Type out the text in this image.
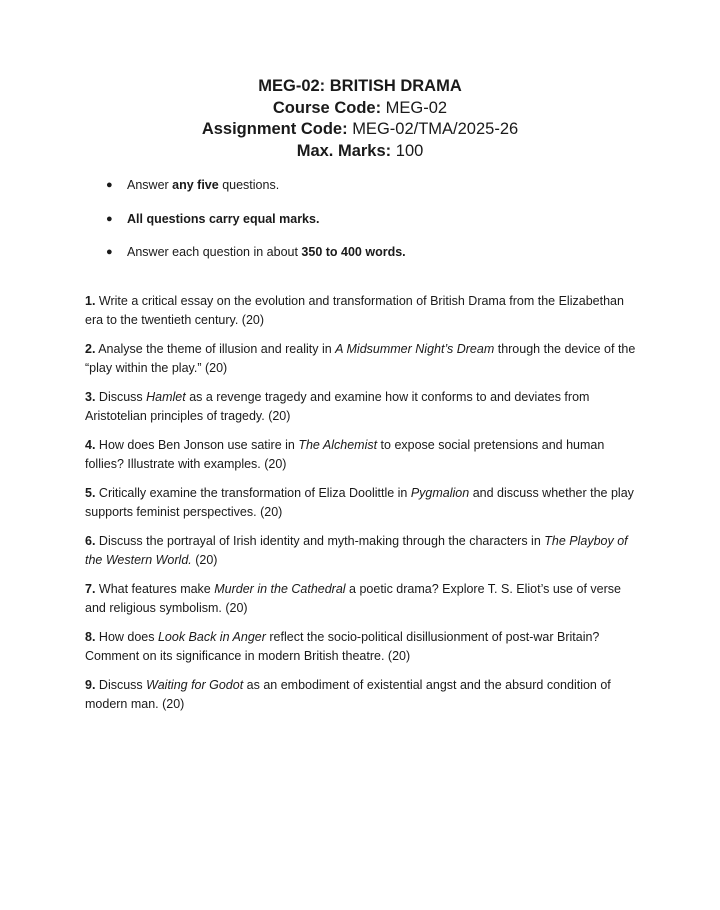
MEG-02: BRITISH DRAMA
Course Code: MEG-02
Assignment Code: MEG-02/TMA/2025-26
Max. Marks: 100
● Answer any five questions.
● All questions carry equal marks.
● Answer each question in about 350 to 400 words.

1. Write a critical essay on the evolution and transformation of British Drama from the Elizabethan era to the twentieth century. (20)

2. Analyse the theme of illusion and reality in A Midsummer Night’s Dream through the device of the “play within the play.” (20)

3. Discuss Hamlet as a revenge tragedy and examine how it conforms to and deviates from Aristotelian principles of tragedy. (20)

4. How does Ben Jonson use satire in The Alchemist to expose social pretensions and human follies? Illustrate with examples. (20)

5. Critically examine the transformation of Eliza Doolittle in Pygmalion and discuss whether the play supports feminist perspectives. (20)

6. Discuss the portrayal of Irish identity and myth-making through the characters in The Playboy of the Western World. (20)

7. What features make Murder in the Cathedral a poetic drama? Explore T. S. Eliot’s use of verse and religious symbolism. (20)

8. How does Look Back in Anger reflect the socio-political disillusionment of post-war Britain? Comment on its significance in modern British theatre. (20)

9. Discuss Waiting for Godot as an embodiment of existential angst and the absurd condition of modern man. (20)
